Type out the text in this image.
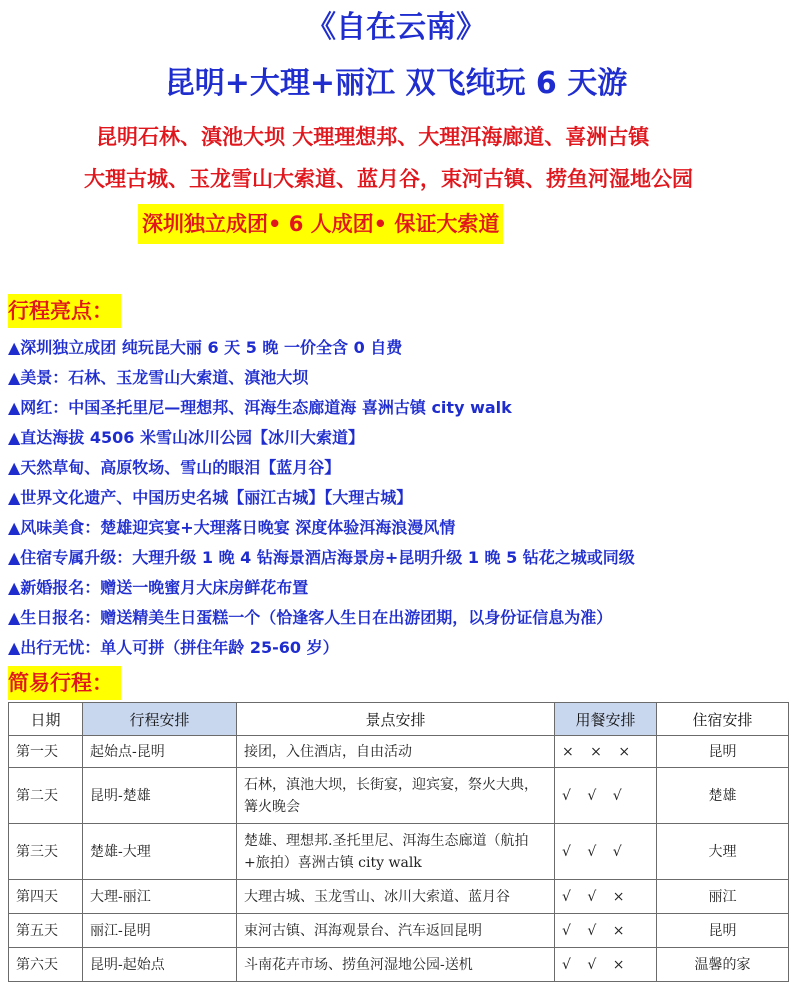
《自在云南》
昆明+大理+丽江 双飞纯玩 6 天游
昆明石林、滇池大坝 大理理想邦、大理洱海廊道、喜洲古镇
大理古城、玉龙雪山大索道、蓝月谷，束河古镇、捞鱼河湿地公园
深圳独立成团• 6 人成团• 保证大索道
行程亮点：
▲深圳独立成团 纯玩昆大丽 6 天 5 晚 一价全含 0 自费
▲美景：石林、玉龙雪山大索道、滇池大坝
▲网红：中国圣托里尼—理想邦、洱海生态廊道海 喜洲古镇 city walk
▲直达海拔 4506 米雪山冰川公园【冰川大索道】
▲天然草甸、高原牧场、雪山的眼泪【蓝月谷】
▲世界文化遗产、中国历史名城【丽江古城】【大理古城】
▲风味美食：楚雄迎宾宴+大理落日晚宴 深度体验洱海浪漫风情
▲住宿专属升级：大理升级 1 晚 4 钻海景酒店海景房+昆明升级 1 晚 5 钻花之城或同级
▲新婚报名：赠送一晚蜜月大床房鲜花布置
▲生日报名：赠送精美生日蛋糕一个（恰逢客人生日在出游团期，以身份证信息为准）
▲出行无忧：单人可拼（拼住年龄 25-60 岁）
简易行程：
日期	行程安排	景点安排	用餐安排	住宿安排
第一天	起始点-昆明	接团，入住酒店，自由活动	× × ×	昆明
第二天	昆明-楚雄	石林，滇池大坝，长街宴，迎宾宴，祭火大典，篝火晚会	√ √ √	楚雄
第三天	楚雄-大理	楚雄、理想邦.圣托里尼、洱海生态廊道（航拍+旅拍）喜洲古镇 city walk	√ √ √	大理
第四天	大理-丽江	大理古城、玉龙雪山、冰川大索道、蓝月谷	√ √ ×	丽江
第五天	丽江-昆明	束河古镇、洱海观景台、汽车返回昆明	√ √ ×	昆明
第六天	昆明-起始点	斗南花卉市场、捞鱼河湿地公园-送机	√ √ ×	温馨的家
